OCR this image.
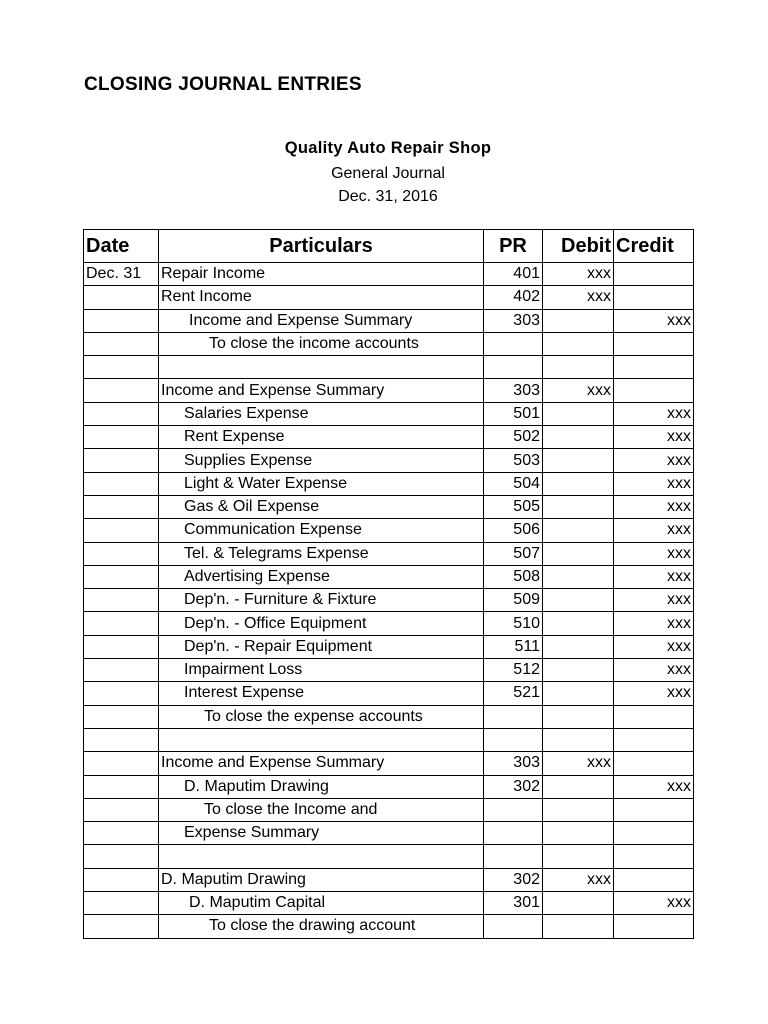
CLOSING JOURNAL ENTRIES
Quality Auto Repair Shop
General Journal
Dec. 31, 2016
Date	Particulars	PR	Debit	Credit
Dec. 31	Repair Income	401	xxx	
	Rent Income	402	xxx	
	Income and Expense Summary	303		xxx
	To close the income accounts			

	Income and Expense Summary	303	xxx	
	Salaries Expense	501		xxx
	Rent Expense	502		xxx
	Supplies Expense	503		xxx
	Light & Water Expense	504		xxx
	Gas & Oil Expense	505		xxx
	Communication Expense	506		xxx
	Tel. & Telegrams Expense	507		xxx
	Advertising Expense	508		xxx
	Dep'n. - Furniture & Fixture	509		xxx
	Dep'n. - Office Equipment	510		xxx
	Dep'n. - Repair Equipment	511		xxx
	Impairment Loss	512		xxx
	Interest Expense	521		xxx
	To close the expense accounts			

	Income and Expense Summary	303	xxx	
	D. Maputim Drawing	302		xxx
	To close the Income and			
	Expense Summary			

	D. Maputim Drawing	302	xxx	
	D. Maputim Capital	301		xxx
	To close the drawing account			
